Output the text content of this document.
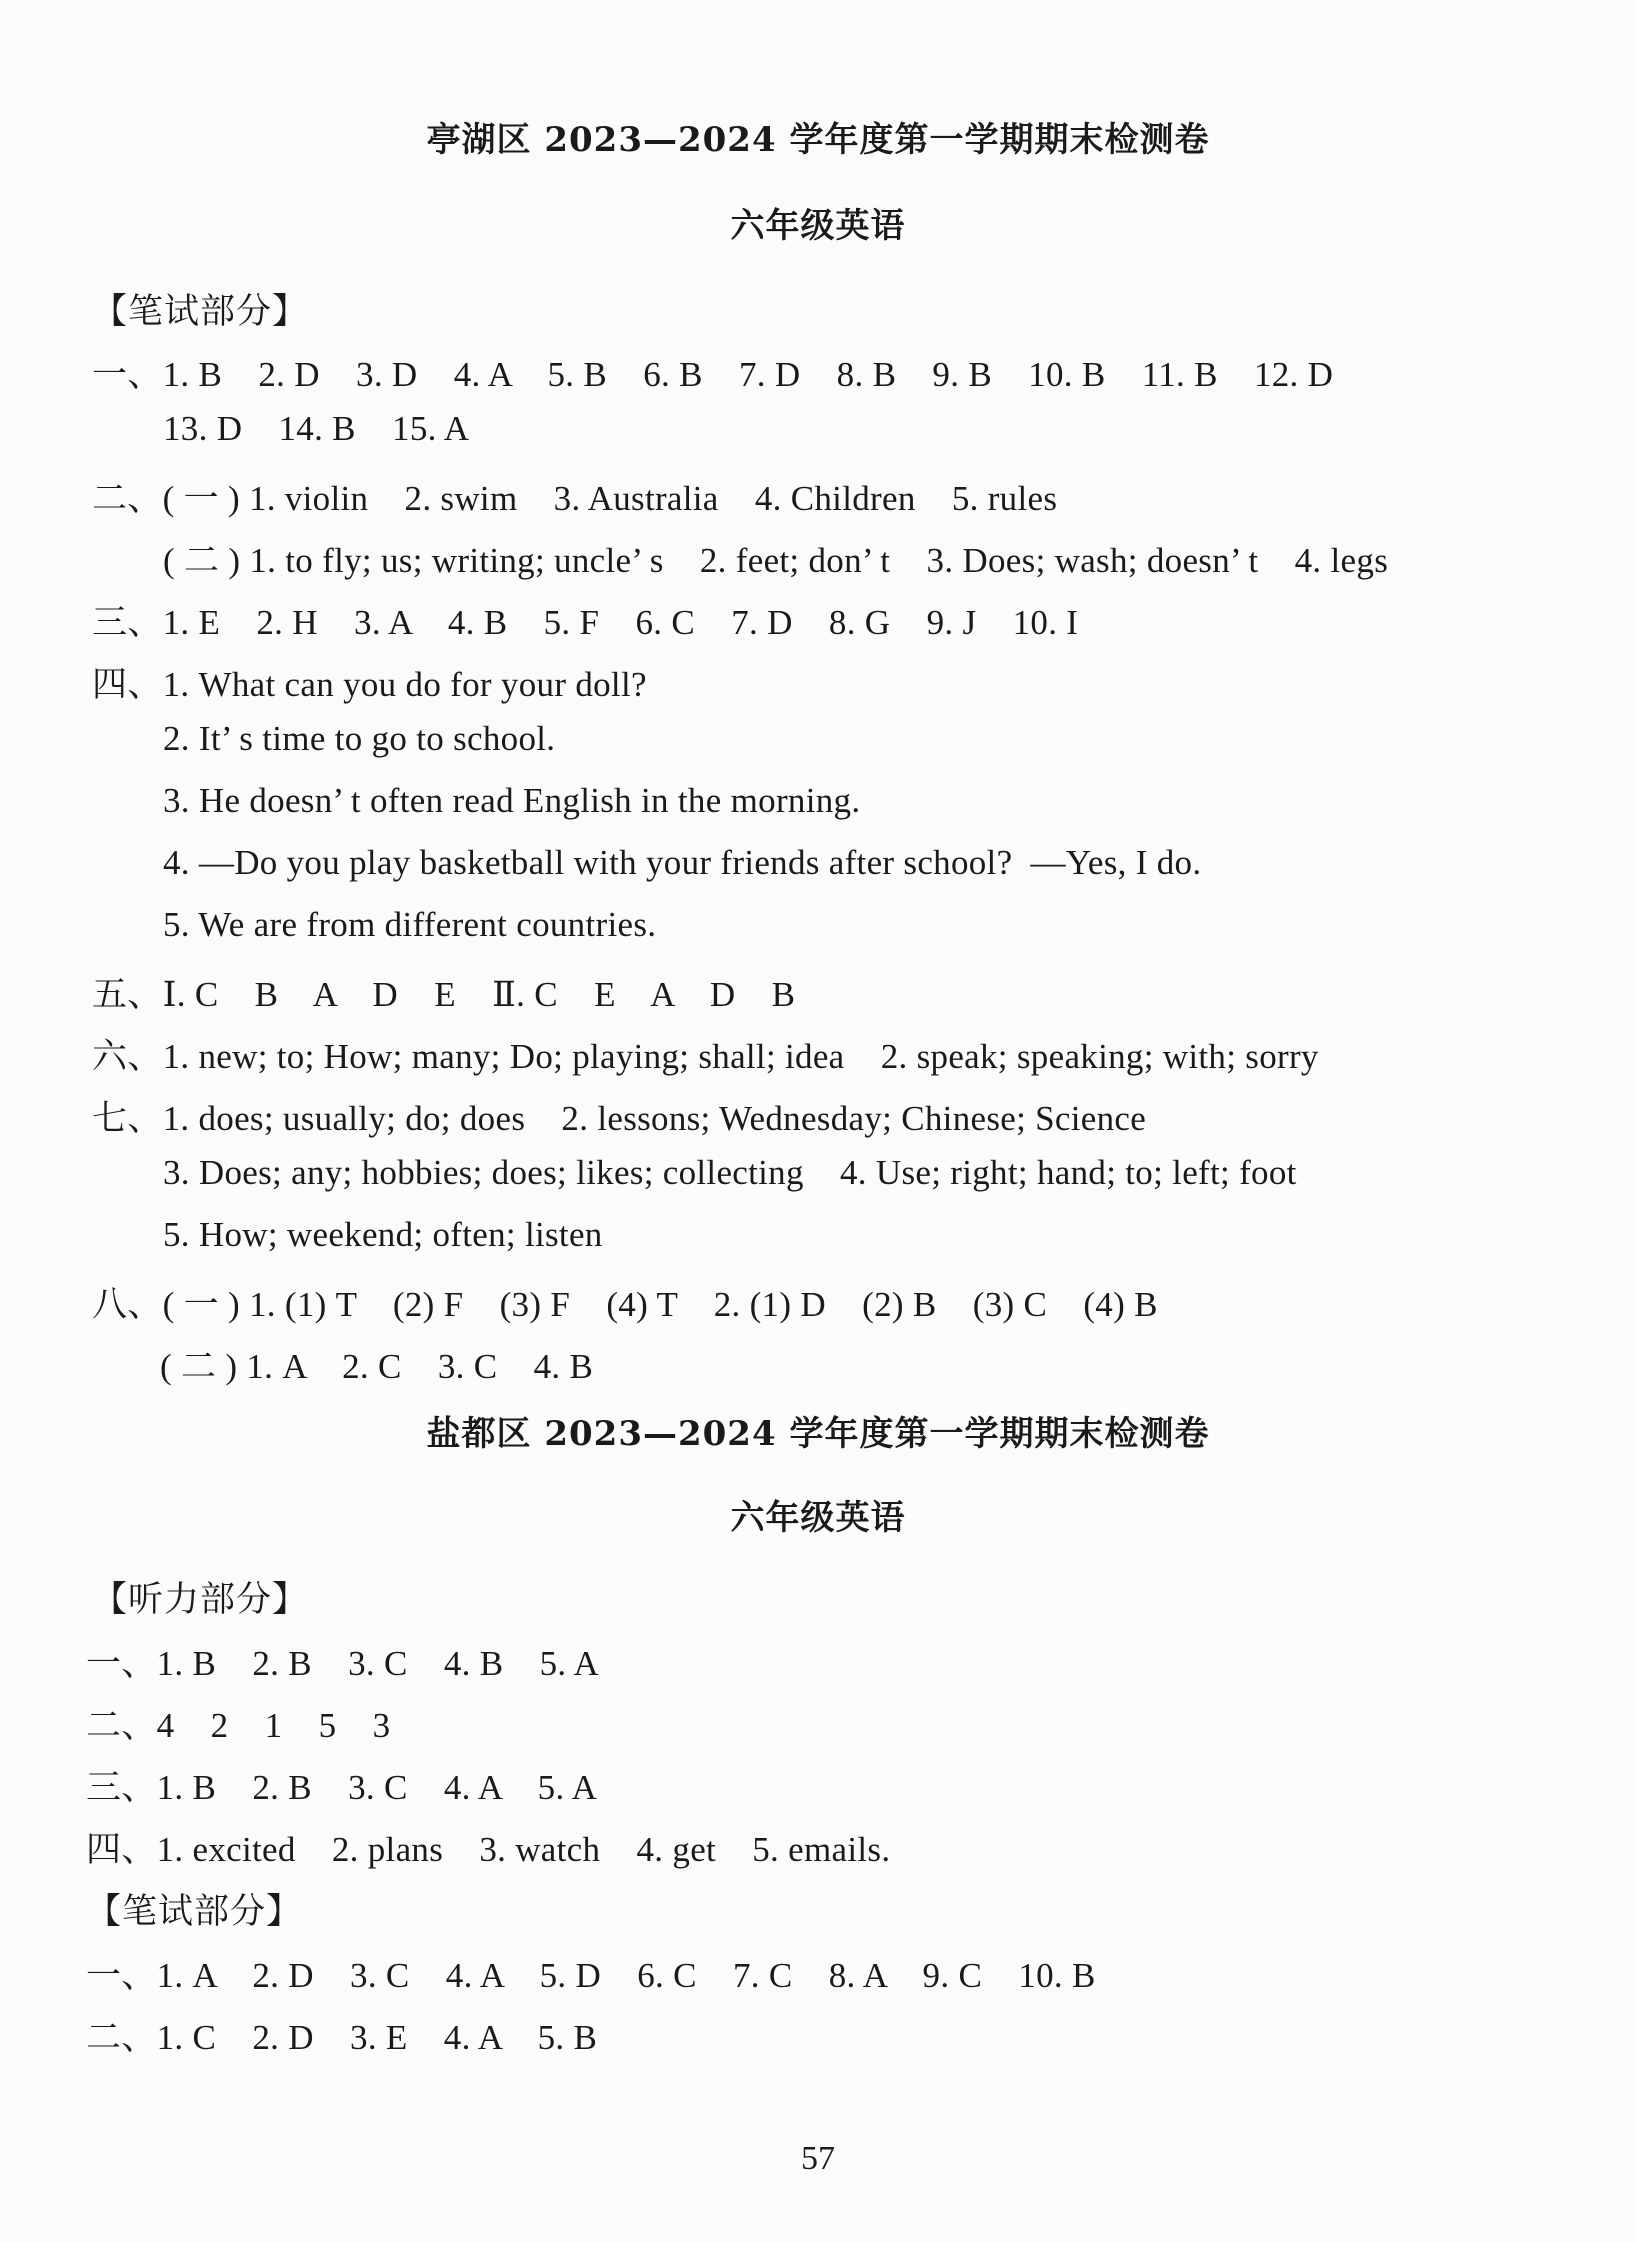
亭湖区 2023—2024 学年度第一学期期末检测卷
六年级英语
【笔试部分】
一、1. B    2. D    3. D    4. A    5. B    6. B    7. D    8. B    9. B    10. B    11. B    12. D
13. D    14. B    15. A
二、( 一 ) 1. violin    2. swim    3. Australia    4. Children    5. rules
( 二 ) 1. to fly; us; writing; uncle’ s    2. feet; don’ t    3. Does; wash; doesn’ t    4. legs
三、1. E    2. H    3. A    4. B    5. F    6. C    7. D    8. G    9. J    10. I
四、1. What can you do for your doll?
2. It’ s time to go to school.
3. He doesn’ t often read English in the morning.
4. —Do you play basketball with your friends after school?  —Yes, I do.
5. We are from different countries.
五、Ⅰ. C    B    A    D    E    Ⅱ. C    E    A    D    B
六、1. new; to; How; many; Do; playing; shall; idea    2. speak; speaking; with; sorry
七、1. does; usually; do; does    2. lessons; Wednesday; Chinese; Science
3. Does; any; hobbies; does; likes; collecting    4. Use; right; hand; to; left; foot
5. How; weekend; often; listen
八、( 一 ) 1. (1) T    (2) F    (3) F    (4) T    2. (1) D    (2) B    (3) C    (4) B
( 二 ) 1. A    2. C    3. C    4. B
盐都区 2023—2024 学年度第一学期期末检测卷
六年级英语
【听力部分】
一、1. B    2. B    3. C    4. B    5. A
二、4    2    1    5    3
三、1. B    2. B    3. C    4. A    5. A
四、1. excited    2. plans    3. watch    4. get    5. emails.
【笔试部分】
一、1. A    2. D    3. C    4. A    5. D    6. C    7. C    8. A    9. C    10. B
二、1. C    2. D    3. E    4. A    5. B
57
